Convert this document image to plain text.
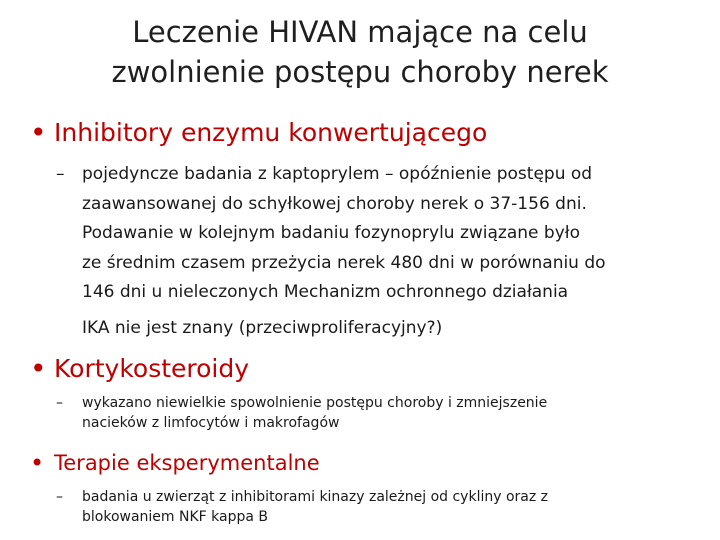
Leczenie HIVAN mające na celu
zwolnienie postępu choroby nerek
• Inhibitory enzymu konwertującego
– pojedyncze badania z kaptoprylem – opóźnienie postępu od
zaawansowanej do schyłkowej choroby nerek o 37-156 dni.
Podawanie w kolejnym badaniu fozynoprylu związane było
ze średnim czasem przeżycia nerek 480 dni w porównaniu do
146 dni u nieleczonych Mechanizm ochronnego działania
IKA nie jest znany (przeciwproliferacyjny?)
• Kortykosteroidy
– wykazano niewielkie spowolnienie postępu choroby i zmniejszenie
nacieków z limfocytów i makrofagów
• Terapie eksperymentalne
– badania u zwierząt z inhibitorami kinazy zależnej od cykliny oraz z
blokowaniem NKF kappa B
